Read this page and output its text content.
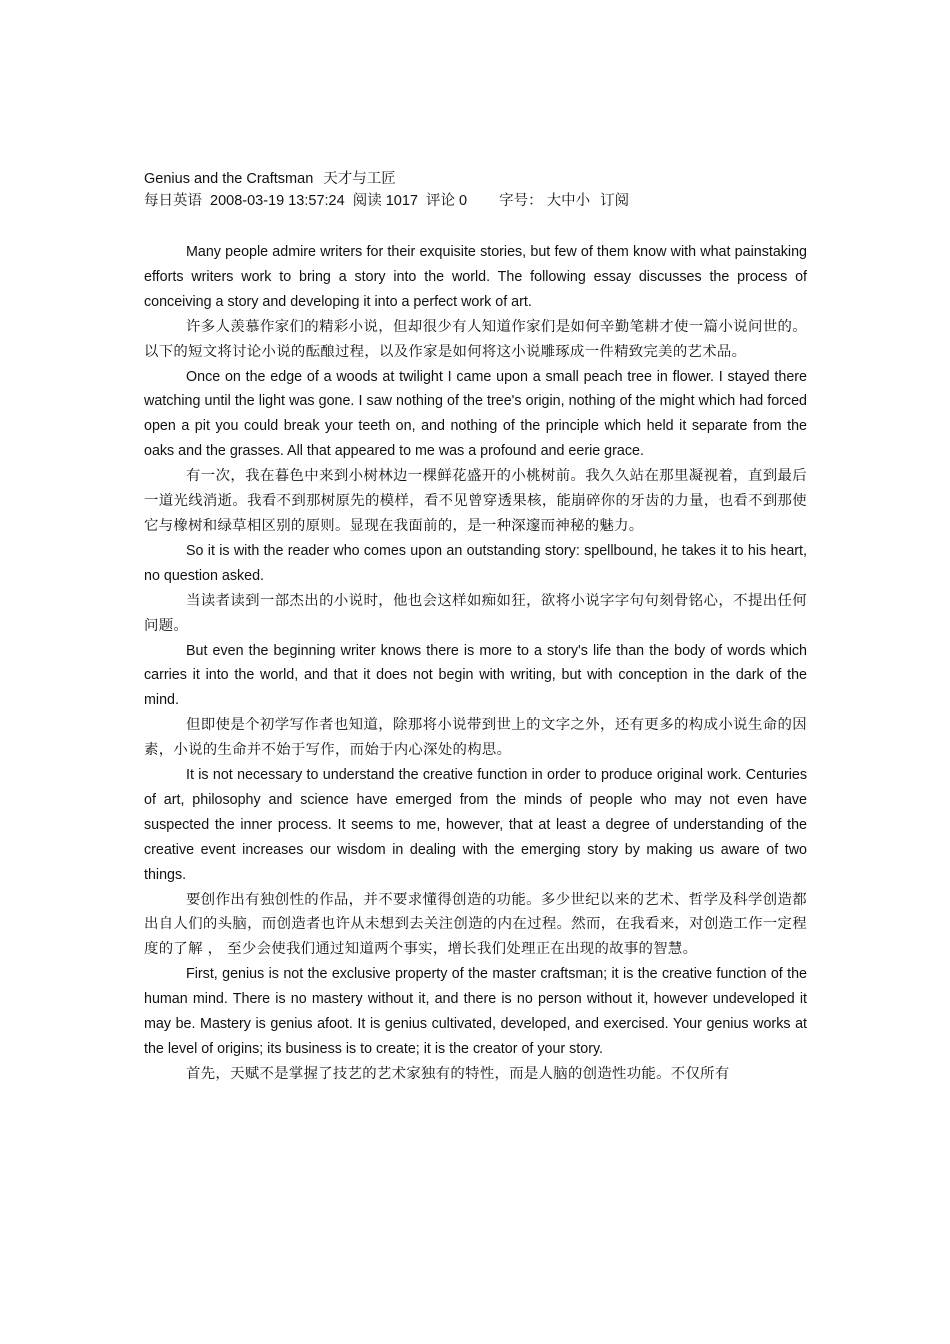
Genius and the Craftsman 天才与工匠
每日英语 2008-03-19 13:57:24 阅读 1017 评论 0 字号： 大中小 订阅

Many people admire writers for their exquisite stories, but few of them know with what painstaking efforts writers work to bring a story into the world. The following essay discusses the process of conceiving a story and developing it into a perfect work of art.

许多人羡慕作家们的精彩小说，但却很少有人知道作家们是如何辛勤笔耕才使一篇小说问世的。以下的短文将讨论小说的酝酿过程，以及作家是如何将这小说雕琢成一件精致完美的艺术品。

Once on the edge of a woods at twilight I came upon a small peach tree in flower. I stayed there watching until the light was gone. I saw nothing of the tree's origin, nothing of the might which had forced open a pit you could break your teeth on, and nothing of the principle which held it separate from the oaks and the grasses. All that appeared to me was a profound and eerie grace.

有一次，我在暮色中来到小树林边一棵鲜花盛开的小桃树前。我久久站在那里凝视着，直到最后一道光线消逝。我看不到那树原先的模样，看不见曾穿透果核，能崩碎你的牙齿的力量，也看不到那使它与橡树和绿草相区别的原则。显现在我面前的，是一种深邃而神秘的魅力。

So it is with the reader who comes upon an outstanding story: spellbound, he takes it to his heart, no question asked.

当读者读到一部杰出的小说时，他也会这样如痴如狂，欲将小说字字句句刻骨铭心，不提出任何问题。

But even the beginning writer knows there is more to a story's life than the body of words which carries it into the world, and that it does not begin with writing, but with conception in the dark of the mind.

但即使是个初学写作者也知道，除那将小说带到世上的文字之外，还有更多的构成小说生命的因素，小说的生命并不始于写作，而始于内心深处的构思。

It is not necessary to understand the creative function in order to produce original work. Centuries of art, philosophy and science have emerged from the minds of people who may not even have suspected the inner process. It seems to me, however, that at least a degree of understanding of the creative event increases our wisdom in dealing with the emerging story by making us aware of two things.

要创作出有独创性的作品，并不要求懂得创造的功能。多少世纪以来的艺术、哲学及科学创造都出自人们的头脑，而创造者也许从未想到去关注创造的内在过程。然而，在我看来，对创造工作一定程度的了解 ， 至少会使我们通过知道两个事实，增长我们处理正在出现的故事的智慧。

First, genius is not the exclusive property of the master craftsman; it is the creative function of the human mind. There is no mastery without it, and there is no person without it, however undeveloped it may be. Mastery is genius afoot. It is genius cultivated, developed, and exercised. Your genius works at the level of origins; its business is to create; it is the creator of your story.

首先，天赋不是掌握了技艺的艺术家独有的特性，而是人脑的创造性功能。不仅所有
